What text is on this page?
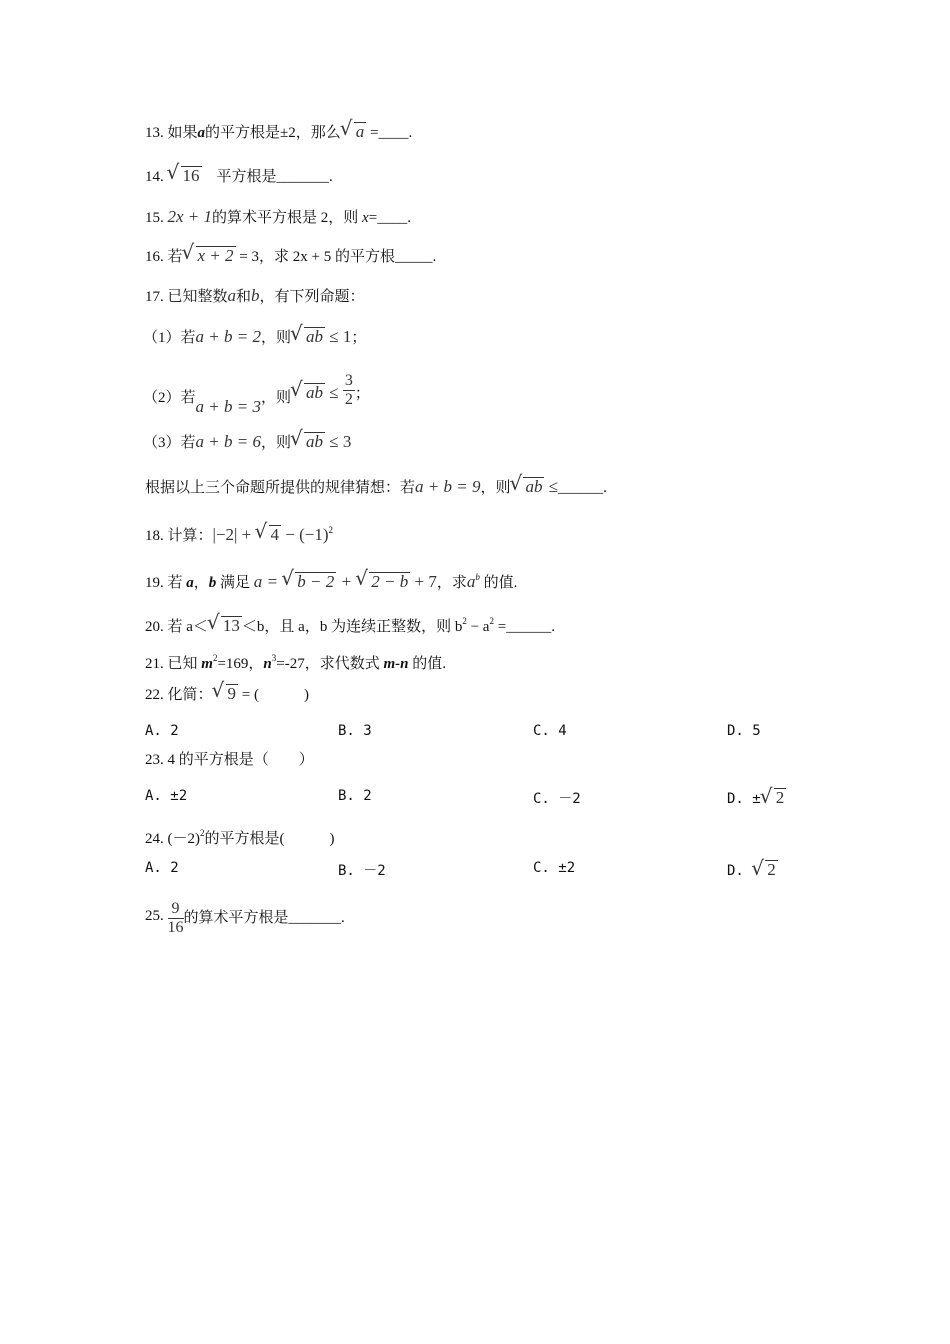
13. 如果a的平方根是±2，那么 √ a =____.
14. √ 16　平方根是_______.
15. 2x + 1的算术平方根是 2，则 x=____.
16. 若 √ x + 2 = 3，求 2x + 5 的平方根_____.
17. 已知整数a和b，有下列命题：
（1）若a + b = 2，则 √ ab ≤ 1；
（2）若a + b = 3，则 √ ab ≤ $\frac{3}{2}$ ；
（3）若a + b = 6，则 √ ab ≤ 3
根据以上三个命题所提供的规律猜想：若a + b = 9，则 √ ab ≤______.
18. 计算：|−2| + √ $4 - (-1)^2$
19. 若 a，b 满足 a = √ b − 2 + √ 2 − b + 7，求$a^b$ 的值.
20. 若 a＜ √ 13 ＜b，且 a，b 为连续正整数，则 $b^2 - a^2$ =______.
21. 已知 $m^2=169$，$n^3=-27$，求代数式 m-n 的值.
22. 化简： √ 9 = (　　　)
A. 2	B. 3	C. 4	D. 5
23. 4 的平方根是（　　）
A. ±2	B. 2	C. －2	D. ± √ 2
24. $(-2)^2$的平方根是(　　　)
A. 2	B. －2	C. ±2	D. √ 2
25. $\frac{9}{16}$ 的算术平方根是_______.
